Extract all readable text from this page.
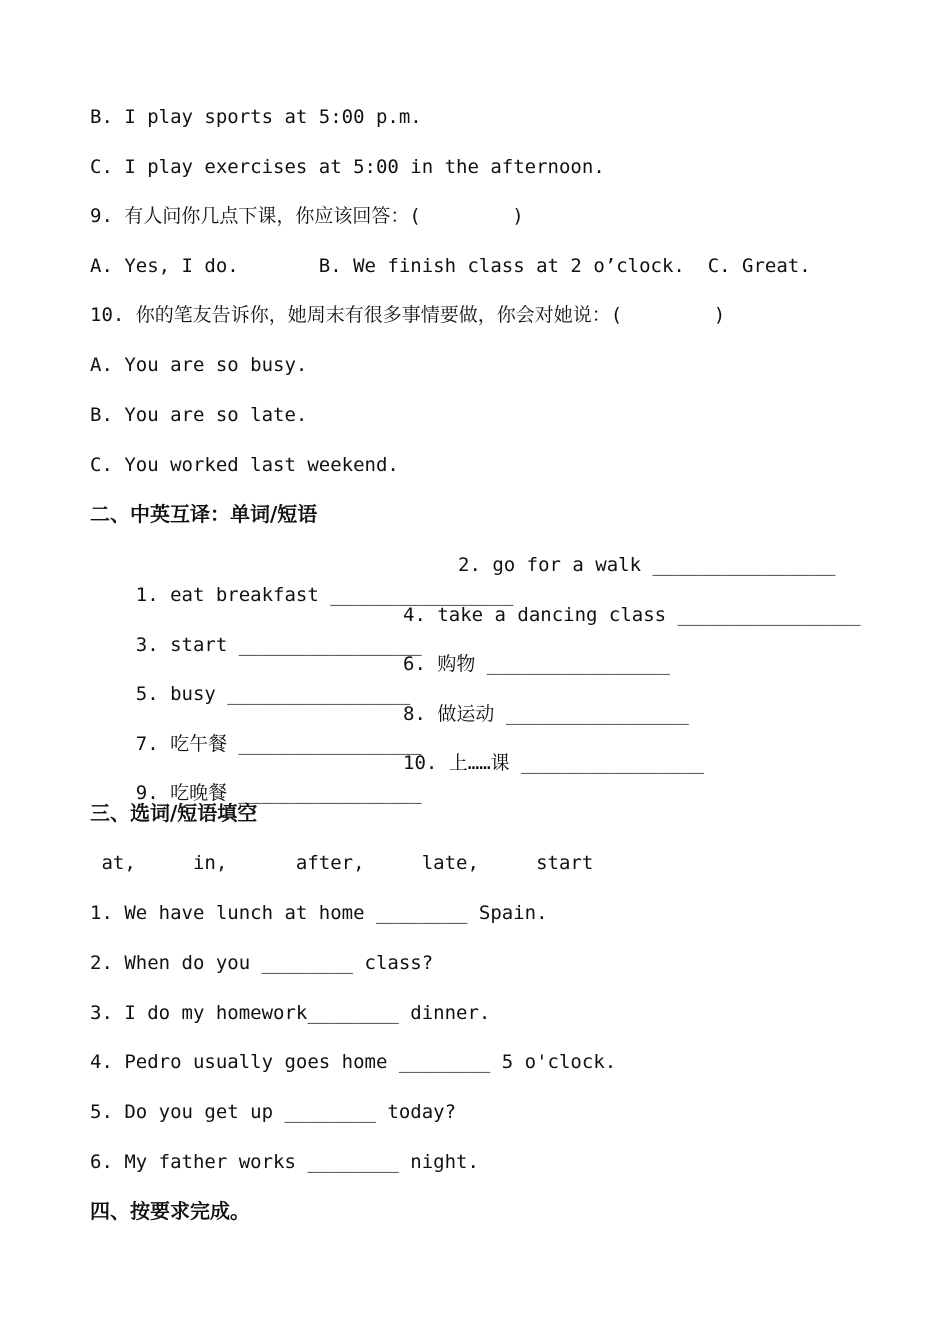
B. I play sports at 5:00 p.m.
C. I play exercises at 5:00 in the afternoon.
9. 有人问你几点下课，你应该回答：(        )
A. Yes, I do.       B. We finish class at 2 o’clock.  C. Great.
10. 你的笔友告诉你，她周末有很多事情要做，你会对她说：(        )
A. You are so busy.
B. You are so late.
C. You worked last weekend.
二、中英互译：单词/短语

1. eat breakfast ________________

2. go for a walk ________________

3. start ________________

4. take a dancing class ________________

5. busy ________________

6. 购物 ________________

7. 吃午餐 ________________

8. 做运动 ________________

9. 吃晚餐 ________________

10. 上……课 ________________

三、选词/短语填空
at,     in,      after,     late,     start
1. We have lunch at home ________ Spain.
2. When do you ________ class?
3. I do my homework________ dinner.
4. Pedro usually goes home ________ 5 o'clock.
5. Do you get up ________ today?
6. My father works ________ night.
四、按要求完成。
